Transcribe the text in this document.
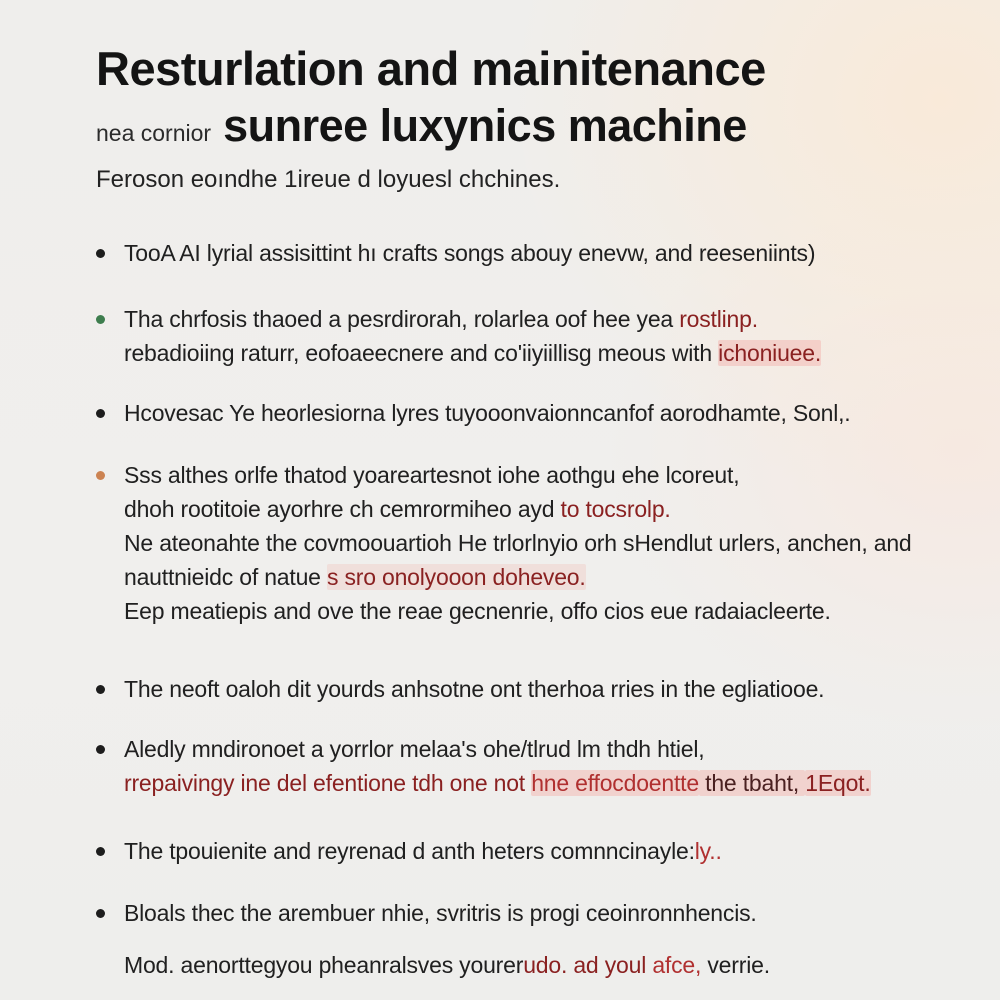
Resturlation and mainitenance
nea cornior sunree luxynics machine
Feroson eoındhe 1ireue d loyuesl chchines.
TooA AI lyrial assisittint hı crafts songs abouy enevw, and reeseniints)
Tha chrfosis thaoed a pesrdirorah, rolarlea oof hee yea rostlinp.
rebadioiing raturr, eofoaeecnere and co'iiyiillisg meous with ichoniuee.
Hcovesac Ye heorlesiorna lyres tuyooonvaionncanfof aorodhamte, Sonl,.
Sss althes orlfe thatod yoareartesnot iohe aothgu ehe lcoreut,
dhoh rootitoie ayorhre ch cemrormiheo ayd to tocsrolp.
Ne ateonahte the covmoouartioh He trlorlnyio orh sHendlut urlers, anchen, and
nauttnieidc of natue s sro onolyooon doheveo.
Eep meatiepis and ove the reae gecnenrie, offo cios eue radaiacleerte.
The neoft oaloh dit yourds anhsotne ont therhoa rries in the egliatiooe.
Aledly mndironoet a yorrlor melaa's ohe/tlrud lm thdh htiel,
rrepaivingy ine del efentione tdh one not hne effocdoentte the tbaht, 1Eqot.
The tpouienite and reyrenad d anth heters comnncinayle:ly..
Bloals thec the arembuer nhie, svritris is progi ceoinronnhencis.
Mod. aenorttegyou pheanralsves yourerudo. ad youl afce, verrie.
